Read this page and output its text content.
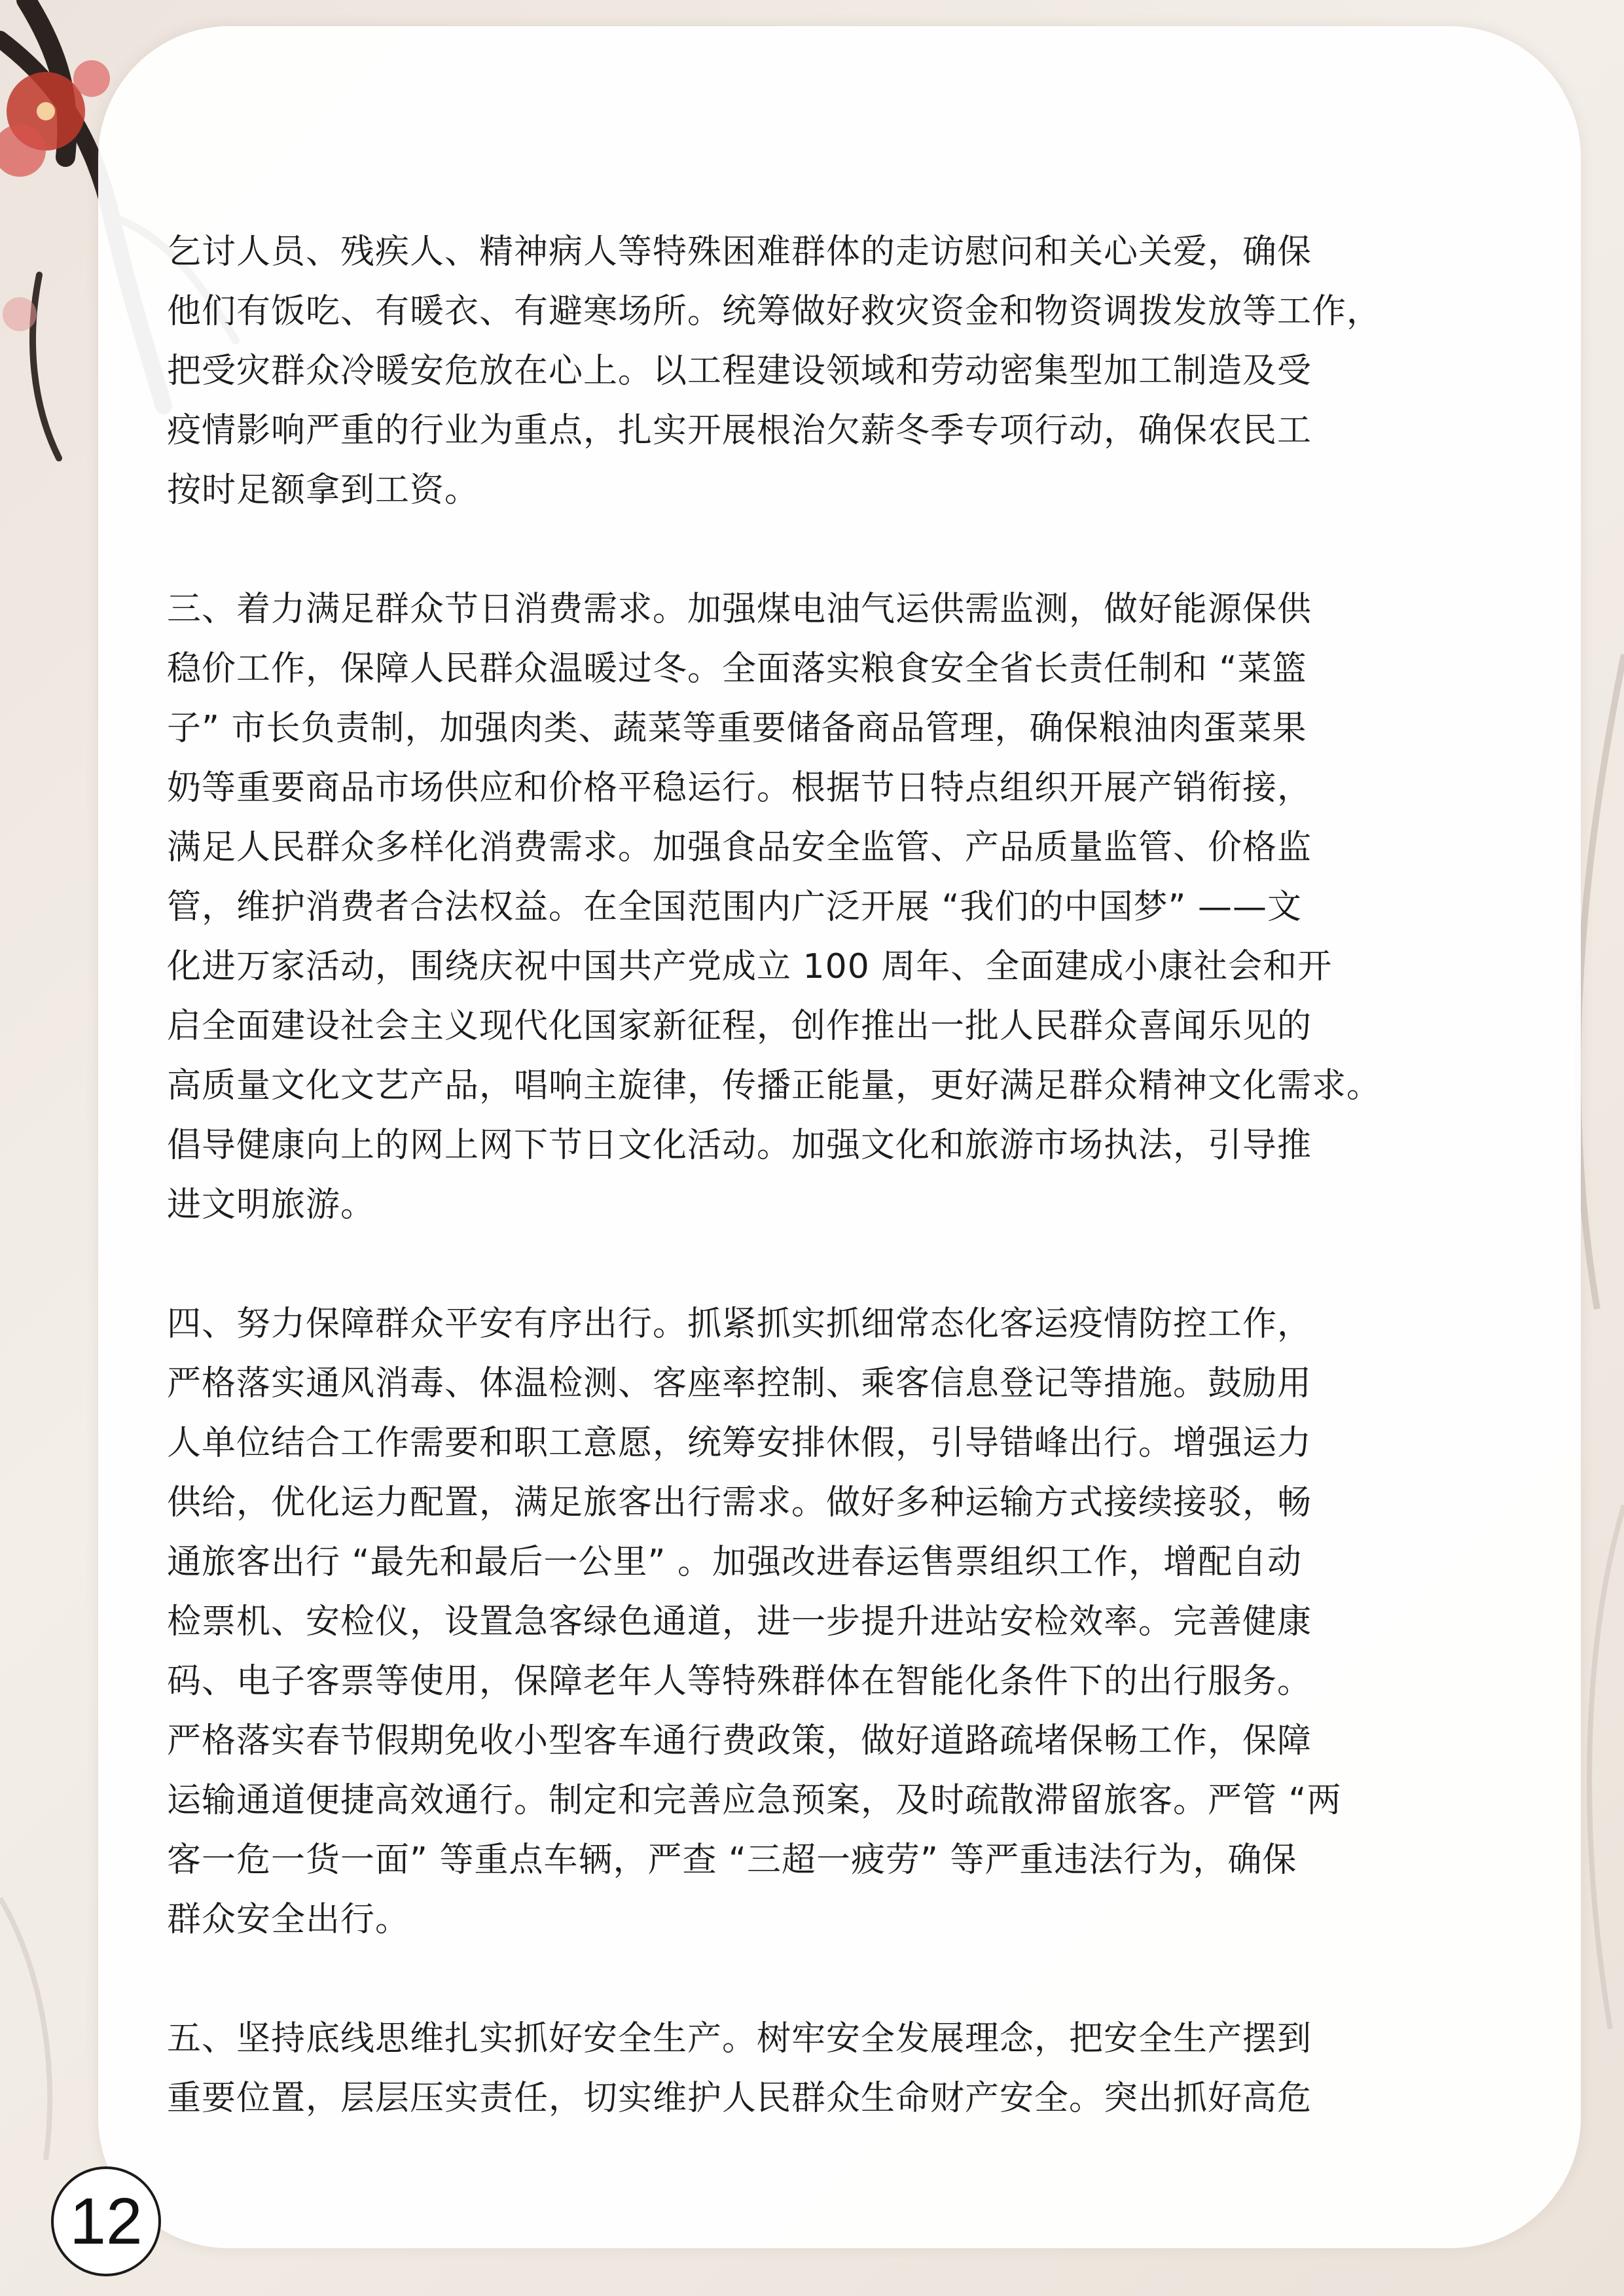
乞讨人员、残疾人、精神病人等特殊困难群体的走访慰问和关心关爱，确保
他们有饭吃、有暖衣、有避寒场所。统筹做好救灾资金和物资调拨发放等工作，
把受灾群众冷暖安危放在心上。以工程建设领域和劳动密集型加工制造及受
疫情影响严重的行业为重点，扎实开展根治欠薪冬季专项行动，确保农民工
按时足额拿到工资。
三、着力满足群众节日消费需求。加强煤电油气运供需监测，做好能源保供
稳价工作，保障人民群众温暖过冬。全面落实粮食安全省长责任制和 “菜篮
子” 市长负责制，加强肉类、蔬菜等重要储备商品管理，确保粮油肉蛋菜果
奶等重要商品市场供应和价格平稳运行。根据节日特点组织开展产销衔接，
满足人民群众多样化消费需求。加强食品安全监管、产品质量监管、价格监
管，维护消费者合法权益。在全国范围内广泛开展 “我们的中国梦” ——文
化进万家活动，围绕庆祝中国共产党成立 100 周年、全面建成小康社会和开
启全面建设社会主义现代化国家新征程，创作推出一批人民群众喜闻乐见的
高质量文化文艺产品，唱响主旋律，传播正能量，更好满足群众精神文化需求。
倡导健康向上的网上网下节日文化活动。加强文化和旅游市场执法，引导推
进文明旅游。
四、努力保障群众平安有序出行。抓紧抓实抓细常态化客运疫情防控工作，
严格落实通风消毒、体温检测、客座率控制、乘客信息登记等措施。鼓励用
人单位结合工作需要和职工意愿，统筹安排休假，引导错峰出行。增强运力
供给，优化运力配置，满足旅客出行需求。做好多种运输方式接续接驳，畅
通旅客出行 “最先和最后一公里” 。加强改进春运售票组织工作，增配自动
检票机、安检仪，设置急客绿色通道，进一步提升进站安检效率。完善健康
码、电子客票等使用，保障老年人等特殊群体在智能化条件下的出行服务。
严格落实春节假期免收小型客车通行费政策，做好道路疏堵保畅工作，保障
运输通道便捷高效通行。制定和完善应急预案，及时疏散滞留旅客。严管 “两
客一危一货一面” 等重点车辆，严查 “三超一疲劳” 等严重违法行为，确保
群众安全出行。
五、坚持底线思维扎实抓好安全生产。树牢安全发展理念，把安全生产摆到
重要位置，层层压实责任，切实维护人民群众生命财产安全。突出抓好高危
12
